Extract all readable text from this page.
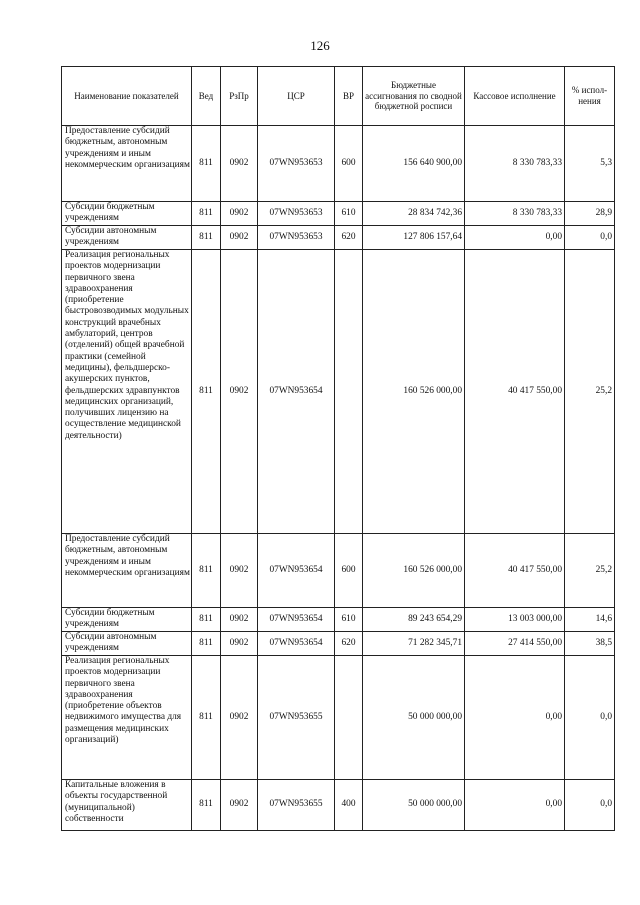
126
Наименование показателей	Вед	РзПр	ЦСР	ВР	Бюджетные ассигнования по сводной бюджетной росписи	Кассовое исполнение	% испол-нения
Предоставление субсидий бюджетным, автономным учреждениям и иным некоммерческим организациям	811	0902	07WN953653	600	156 640 900,00	8 330 783,33	5,3
Субсидии бюджетным учреждениям	811	0902	07WN953653	610	28 834 742,36	8 330 783,33	28,9
Субсидии автономным учреждениям	811	0902	07WN953653	620	127 806 157,64	0,00	0,0
Реализация региональных проектов модернизации первичного звена здравоохранения (приобретение быстровозводимых модульных конструкций врачебных амбулаторий, центров (отделений) общей врачебной практики (семейной медицины), фельдшерско-акушерских пунктов, фельдшерских здравпунктов медицинских организаций, получивших лицензию на осуществление медицинской деятельности)	811	0902	07WN953654		160 526 000,00	40 417 550,00	25,2
Предоставление субсидий бюджетным, автономным учреждениям и иным некоммерческим организациям	811	0902	07WN953654	600	160 526 000,00	40 417 550,00	25,2
Субсидии бюджетным учреждениям	811	0902	07WN953654	610	89 243 654,29	13 003 000,00	14,6
Субсидии автономным учреждениям	811	0902	07WN953654	620	71 282 345,71	27 414 550,00	38,5
Реализация региональных проектов модернизации первичного звена здравоохранения (приобретение объектов недвижимого имущества для размещения медицинских организаций)	811	0902	07WN953655		50 000 000,00	0,00	0,0
Капитальные вложения в объекты государственной (муниципальной) собственности	811	0902	07WN953655	400	50 000 000,00	0,00	0,0
